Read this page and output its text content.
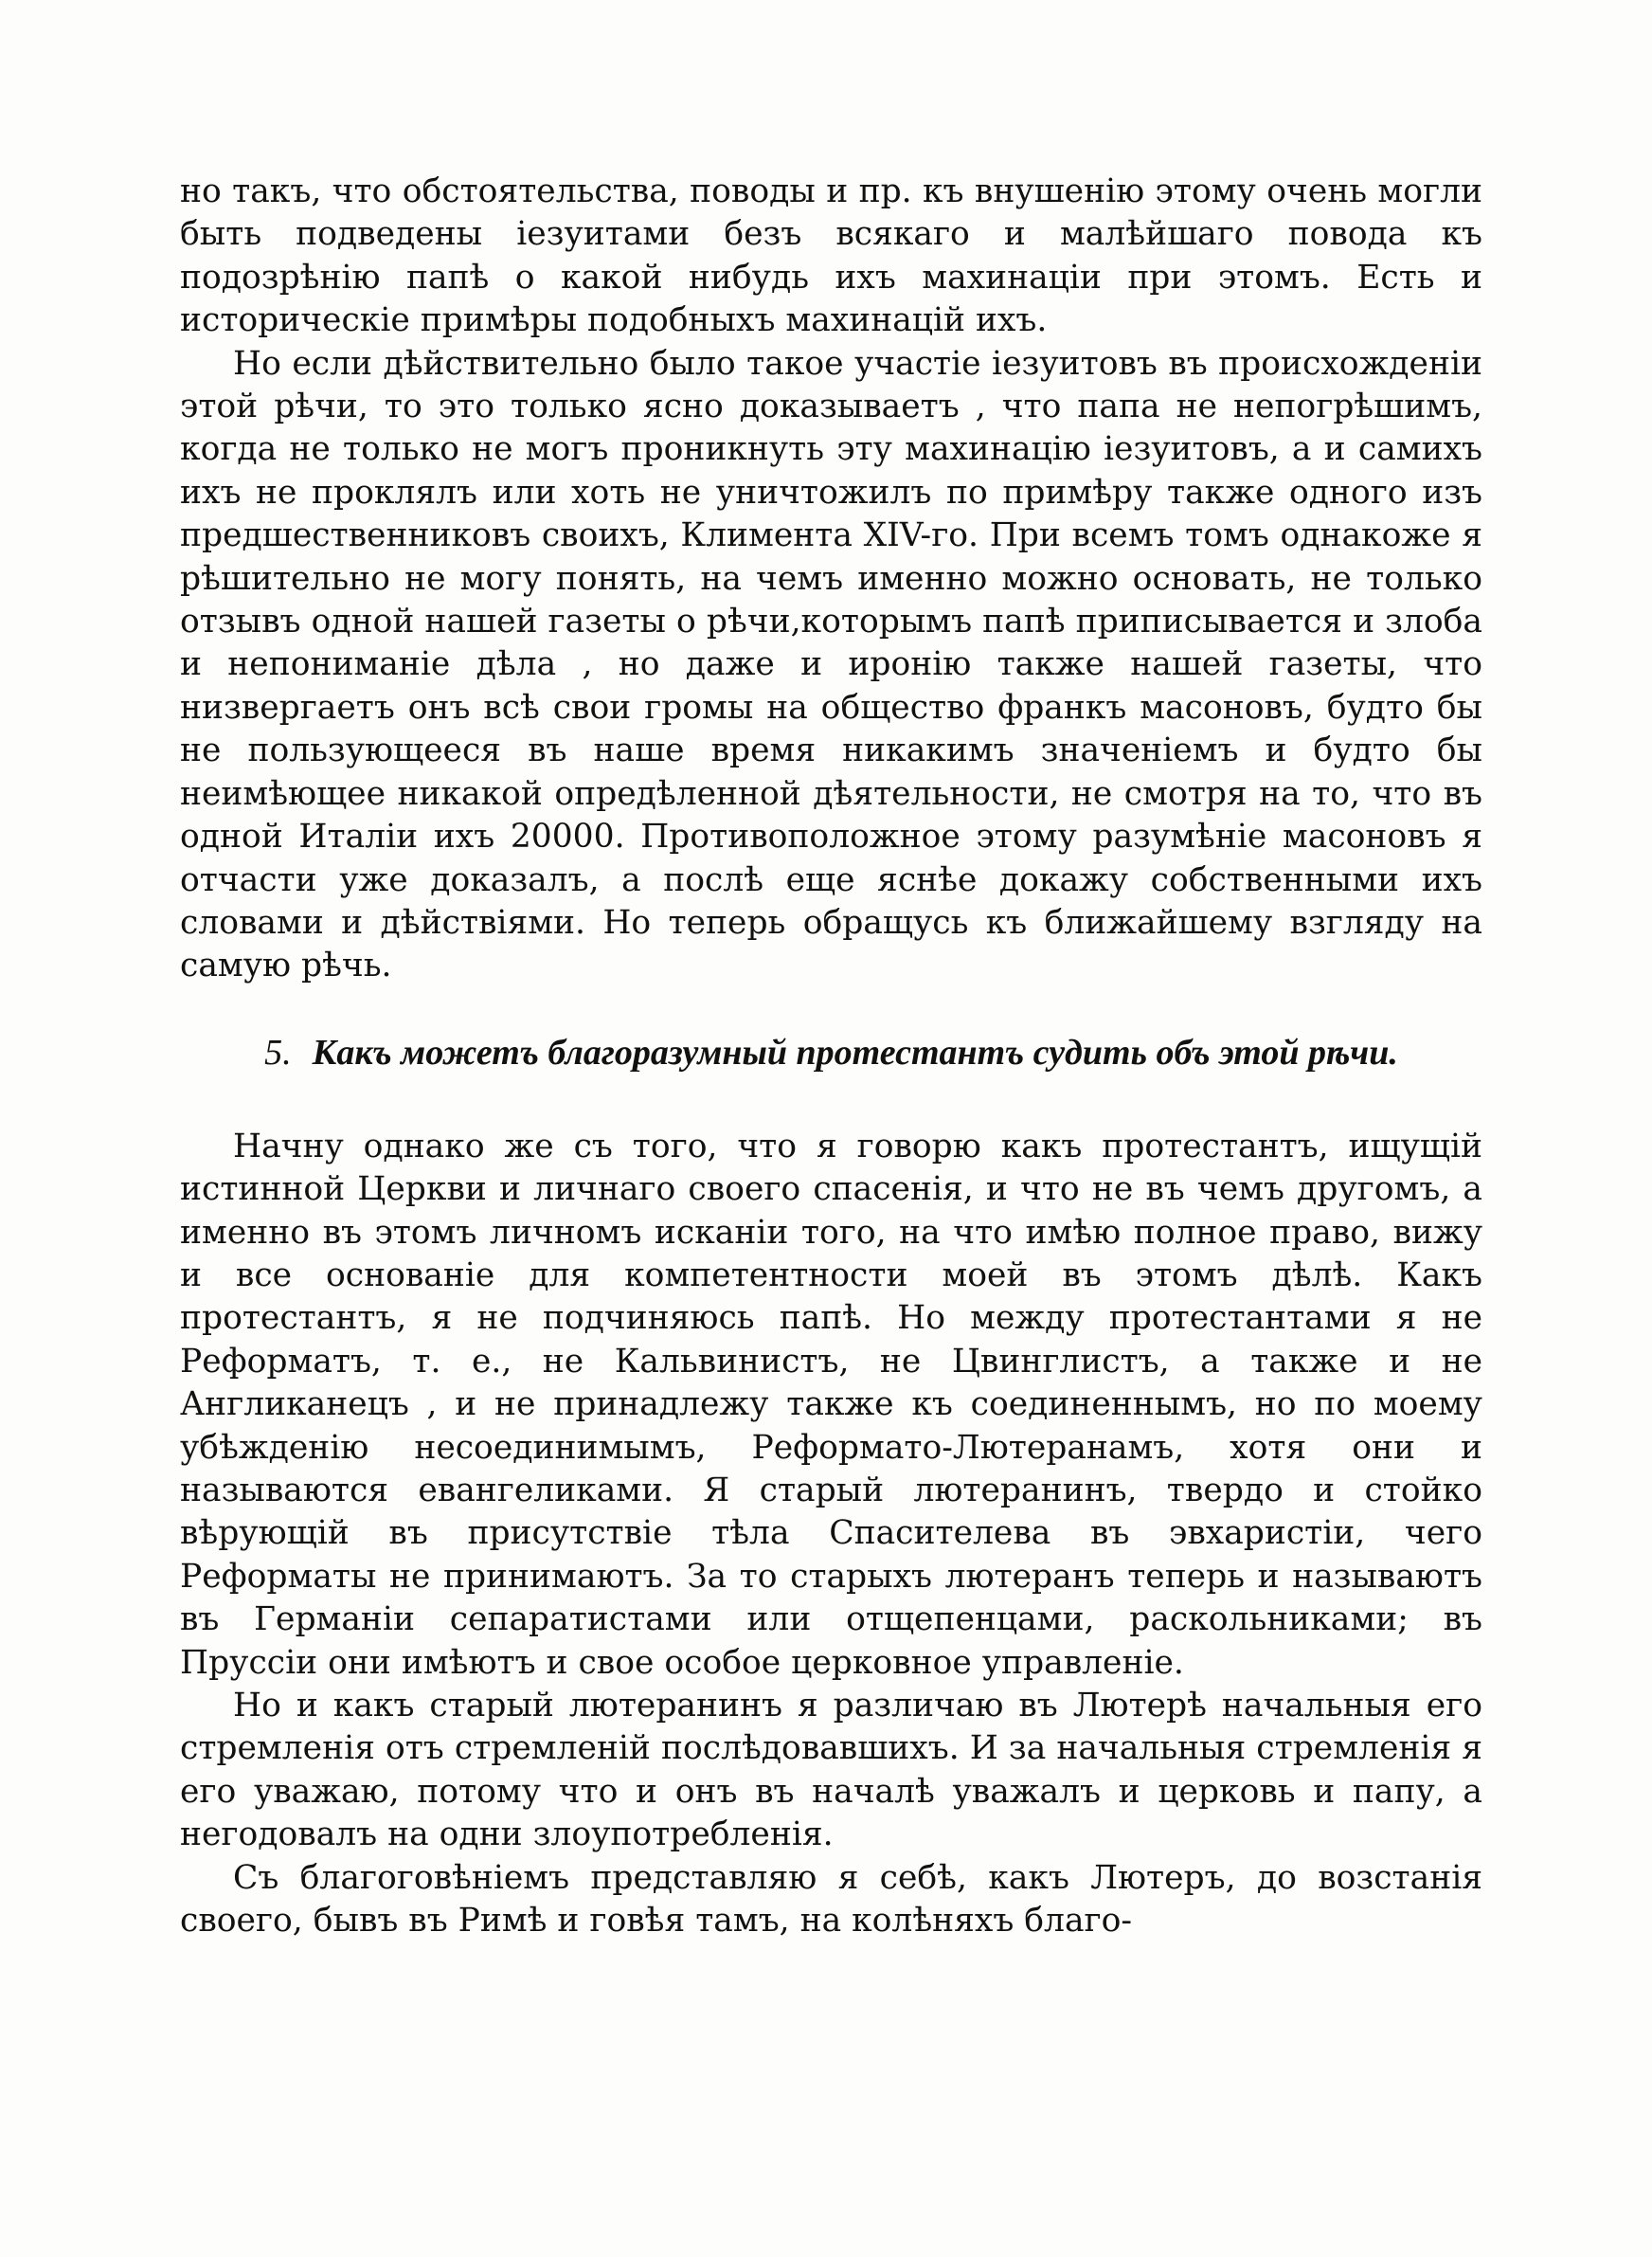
но такъ, что обстоятельства, поводы и пр. къ внушенію этому очень могли быть подведены іезуитами безъ всякаго и малѣйшаго повода къ подозрѣнію папѣ о какой нибудь ихъ махинаціи при этомъ. Есть и историческіе примѣры подобныхъ махинацій ихъ.

Но если дѣйствительно было такое участіе іезуитовъ въ происхожденіи этой рѣчи, то это только ясно доказываетъ , что папа не непогрѣшимъ, когда не только не могъ проникнуть эту махинацію іезуитовъ, а и самихъ ихъ не проклялъ или хоть не уничтожилъ по примѣру также одного изъ предшественниковъ своихъ, Климента XIV-го. При всемъ томъ однакоже я рѣшительно не могу понять, на чемъ именно можно основать, не только отзывъ одной нашей газеты о рѣчи,которымъ папѣ приписывается и злоба и непониманіе дѣла , но даже и иронію также нашей газеты, что низвергаетъ онъ всѣ свои громы на общество франкъ масоновъ, будто бы не пользующееся въ наше время никакимъ значеніемъ и будто бы неимѣющее никакой опредѣленной дѣятельности, не смотря на то, что въ одной Италіи ихъ 20000. Противоположное этому разумѣніе масоновъ я отчасти уже доказалъ, а послѣ еще яснѣе докажу собственными ихъ словами и дѣйствіями. Но теперь обращусь къ ближайшему взгляду на самую рѣчь.

5. Какъ можетъ благоразумный протестантъ судить объ этой рѣчи.

Начну однако же съ того, что я говорю какъ протестантъ, ищущій истинной Церкви и личнаго своего спасенія, и что не въ чемъ другомъ, а именно въ этомъ личномъ исканіи того, на что имѣю полное право, вижу и все основаніе для компетентности моей въ этомъ дѣлѣ. Какъ протестантъ, я не подчиняюсь папѣ. Но между протестантами я не Реформатъ, т. е., не Кальвинистъ, не Цвинглистъ, а также и не Англиканецъ , и не принадлежу также къ соединеннымъ, но по моему убѣжденію несоединимымъ, Реформато-Лютеранамъ, хотя они и называются евангеликами. Я старый лютеранинъ, твердо и стойко вѣрующій въ присутствіе тѣла Спасителева въ эвхаристіи, чего Реформаты не принимаютъ. За то старыхъ лютеранъ теперь и называютъ въ Германіи сепаратистами или отщепенцами, раскольниками; въ Пруссіи они имѣютъ и свое особое церковное управленіе.

Но и какъ старый лютеранинъ я различаю въ Лютерѣ начальныя его стремленія отъ стремленій послѣдовавшихъ. И за начальныя стремленія я его уважаю, потому что и онъ въ началѣ уважалъ и церковь и папу, а негодовалъ на одни злоупотребленія.

Съ благоговѣніемъ представляю я себѣ, какъ Лютеръ, до возстанія своего, бывъ въ Римѣ и говѣя тамъ, на колѣняхъ благо-
